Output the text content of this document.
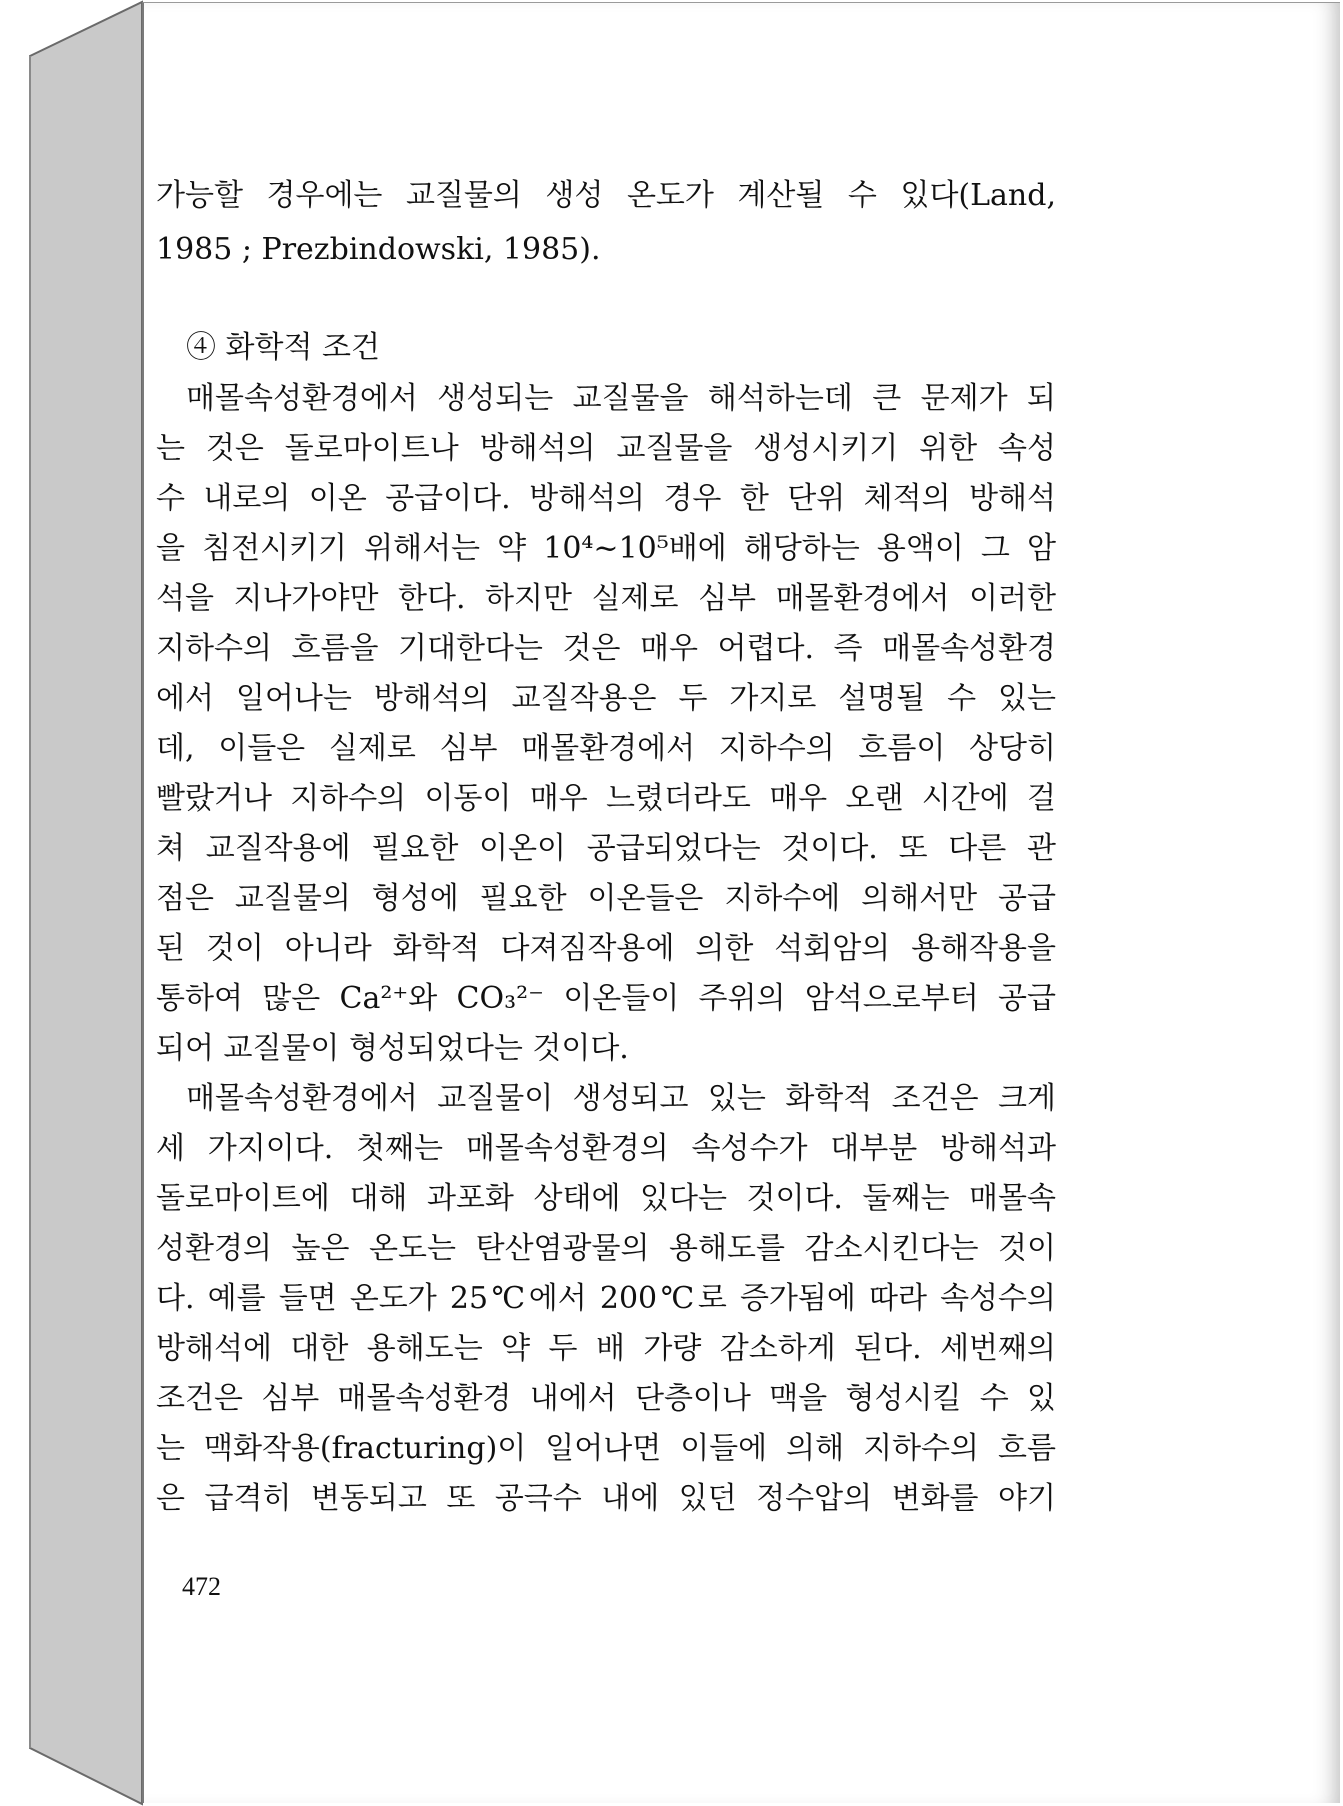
가능할 경우에는 교질물의 생성 온도가 계산될 수 있다(Land,
1985 ; Prezbindowski, 1985).
④ 화학적 조건
매몰속성환경에서 생성되는 교질물을 해석하는데 큰 문제가 되
는 것은 돌로마이트나 방해석의 교질물을 생성시키기 위한 속성
수 내로의 이온 공급이다. 방해석의 경우 한 단위 체적의 방해석
을 침전시키기 위해서는 약 10⁴~10⁵배에 해당하는 용액이 그 암
석을 지나가야만 한다. 하지만 실제로 심부 매몰환경에서 이러한
지하수의 흐름을 기대한다는 것은 매우 어렵다. 즉 매몰속성환경
에서 일어나는 방해석의 교질작용은 두 가지로 설명될 수 있는
데, 이들은 실제로 심부 매몰환경에서 지하수의 흐름이 상당히
빨랐거나 지하수의 이동이 매우 느렸더라도 매우 오랜 시간에 걸
쳐 교질작용에 필요한 이온이 공급되었다는 것이다. 또 다른 관
점은 교질물의 형성에 필요한 이온들은 지하수에 의해서만 공급
된 것이 아니라 화학적 다져짐작용에 의한 석회암의 용해작용을
통하여 많은 Ca²⁺와 CO₃²⁻ 이온들이 주위의 암석으로부터 공급
되어 교질물이 형성되었다는 것이다.
매몰속성환경에서 교질물이 생성되고 있는 화학적 조건은 크게
세 가지이다. 첫째는 매몰속성환경의 속성수가 대부분 방해석과
돌로마이트에 대해 과포화 상태에 있다는 것이다. 둘째는 매몰속
성환경의 높은 온도는 탄산염광물의 용해도를 감소시킨다는 것이
다. 예를 들면 온도가 25℃에서 200℃로 증가됨에 따라 속성수의
방해석에 대한 용해도는 약 두 배 가량 감소하게 된다. 세번째의
조건은 심부 매몰속성환경 내에서 단층이나 맥을 형성시킬 수 있
는 맥화작용(fracturing)이 일어나면 이들에 의해 지하수의 흐름
은 급격히 변동되고 또 공극수 내에 있던 정수압의 변화를 야기
472
